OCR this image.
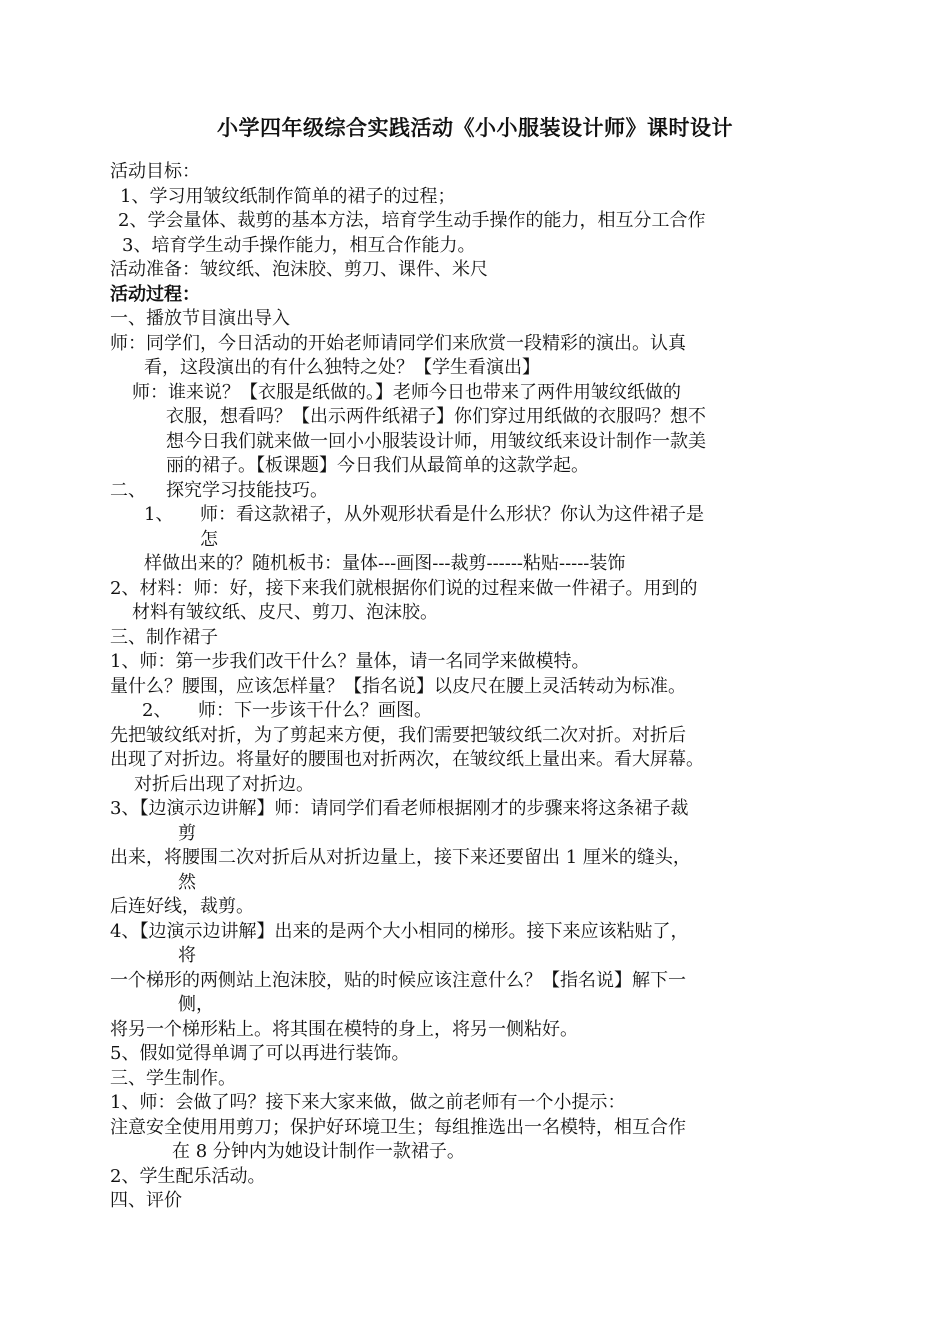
小学四年级综合实践活动《小小服装设计师》课时设计
活动目标：
1、学习用皱纹纸制作简单的裙子的过程；
2、学会量体、裁剪的基本方法，培育学生动手操作的能力，相互分工合作
3、培育学生动手操作能力，相互合作能力。
活动准备：皱纹纸、泡沫胶、剪刀、课件、米尺
活动过程：
一、播放节目演出导入
师：同学们，今日活动的开始老师请同学们来欣赏一段精彩的演出。认真
看，这段演出的有什么独特之处？【学生看演出】
师：谁来说？【衣服是纸做的。】老师今日也带来了两件用皱纹纸做的
衣服，想看吗？【出示两件纸裙子】你们穿过用纸做的衣服吗？想不
想今日我们就来做一回小小服装设计师，用皱纹纸来设计制作一款美
丽的裙子。【板课题】今日我们从最简单的这款学起。
二、 探究学习技能技巧。
1、 师：看这款裙子，从外观形状看是什么形状？你认为这件裙子是
怎
样做出来的？随机板书：量体---画图---裁剪------粘贴-----装饰
2、材料：师：好，接下来我们就根据你们说的过程来做一件裙子。用到的
材料有皱纹纸、皮尺、剪刀、泡沫胶。
三、制作裙子
1、师：第一步我们改干什么？量体，请一名同学来做模特。
量什么？腰围，应该怎样量？【指名说】以皮尺在腰上灵活转动为标准。
2、 师：下一步该干什么？画图。
先把皱纹纸对折，为了剪起来方便，我们需要把皱纹纸二次对折。对折后
出现了对折边。将量好的腰围也对折两次，在皱纹纸上量出来。看大屏幕。
对折后出现了对折边。
3、【边演示边讲解】师：请同学们看老师根据刚才的步骤来将这条裙子裁
剪
出来，将腰围二次对折后从对折边量上，接下来还要留出 1 厘米的缝头，
然
后连好线，裁剪。
4、【边演示边讲解】出来的是两个大小相同的梯形。接下来应该粘贴了，
将
一个梯形的两侧站上泡沫胶，贴的时候应该注意什么？【指名说】解下一
侧，
将另一个梯形粘上。将其围在模特的身上，将另一侧粘好。
5、假如觉得单调了可以再进行装饰。
三、学生制作。
1、师：会做了吗？接下来大家来做，做之前老师有一个小提示：
注意安全使用用剪刀；保护好环境卫生；每组推选出一名模特，相互合作
在 8 分钟内为她设计制作一款裙子。
2、学生配乐活动。
四、评价
